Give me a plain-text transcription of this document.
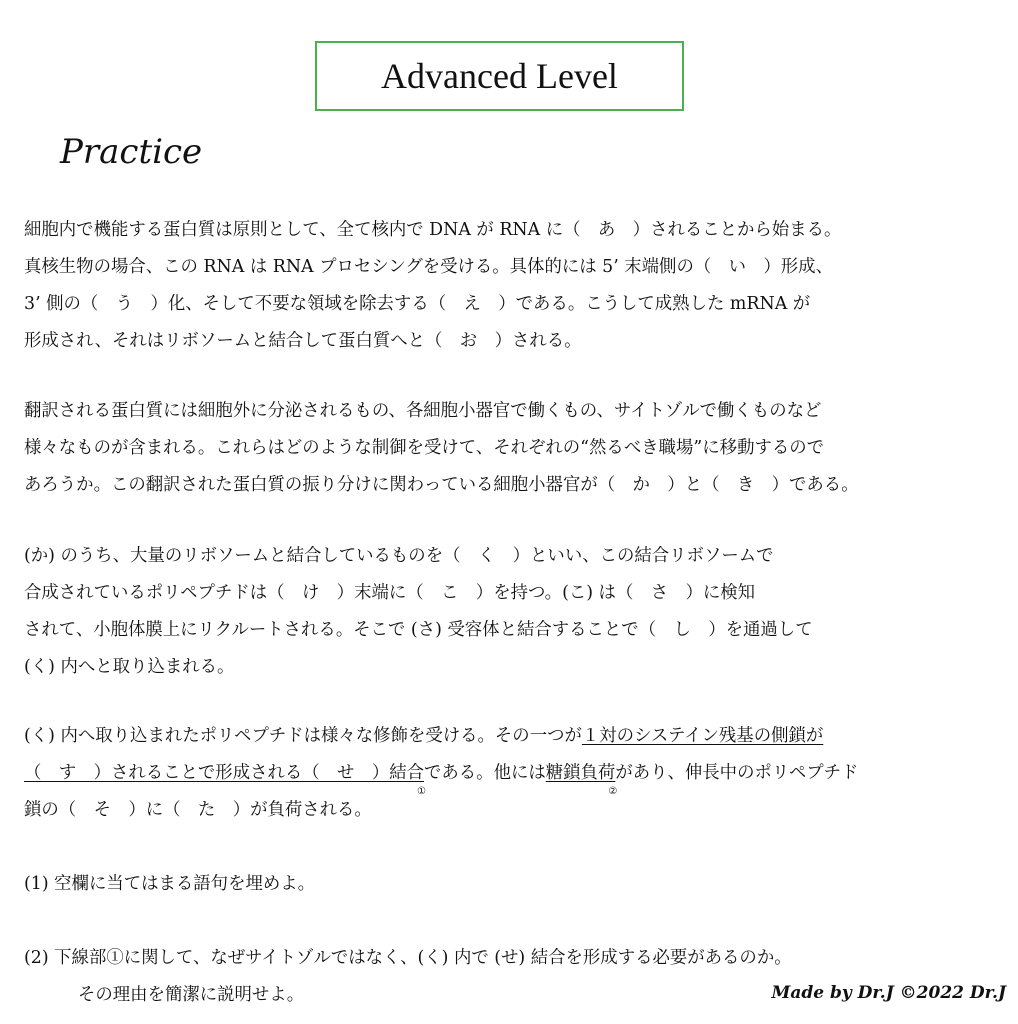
Advanced Level
Practice
細胞内で機能する蛋白質は原則として、全て核内で DNA が RNA に（　あ　）されることから始まる。
真核生物の場合、この RNA は RNA プロセシングを受ける。具体的には 5’ 末端側の（　い　）形成、
3’ 側の（　う　）化、そして不要な領域を除去する（　え　）である。こうして成熟した mRNA が
形成され、それはリボソームと結合して蛋白質へと（　お　）される。
翻訳される蛋白質には細胞外に分泌されるもの、各細胞小器官で働くもの、サイトゾルで働くものなど
様々なものが含まれる。これらはどのような制御を受けて、それぞれの“然るべき職場”に移動するので
あろうか。この翻訳された蛋白質の振り分けに関わっている細胞小器官が（　か　）と（　き　）である。
(か) のうち、大量のリボソームと結合しているものを（　く　）といい、この結合リボソームで
合成されているポリペプチドは（　け　）末端に（　こ　）を持つ。(こ) は（　さ　）に検知
されて、小胞体膜上にリクルートされる。そこで (さ) 受容体と結合することで（　し　）を通過して
(く) 内へと取り込まれる。
(く) 内へ取り込まれたポリペプチドは様々な修飾を受ける。その一つが１対のシステイン残基の側鎖が
（　す　）されることで形成される（　せ　）結合
①
である。他には糖鎖負荷
②
があり、伸長中のポリペプチド
鎖の（　そ　）に（　た　）が負荷される。
(1) 空欄に当てはまる語句を埋めよ。
(2) 下線部①に関して、なぜサイトゾルではなく、(く) 内で (せ) 結合を形成する必要があるのか。
その理由を簡潔に説明せよ。	Made by Dr.J ©2022 Dr.J
